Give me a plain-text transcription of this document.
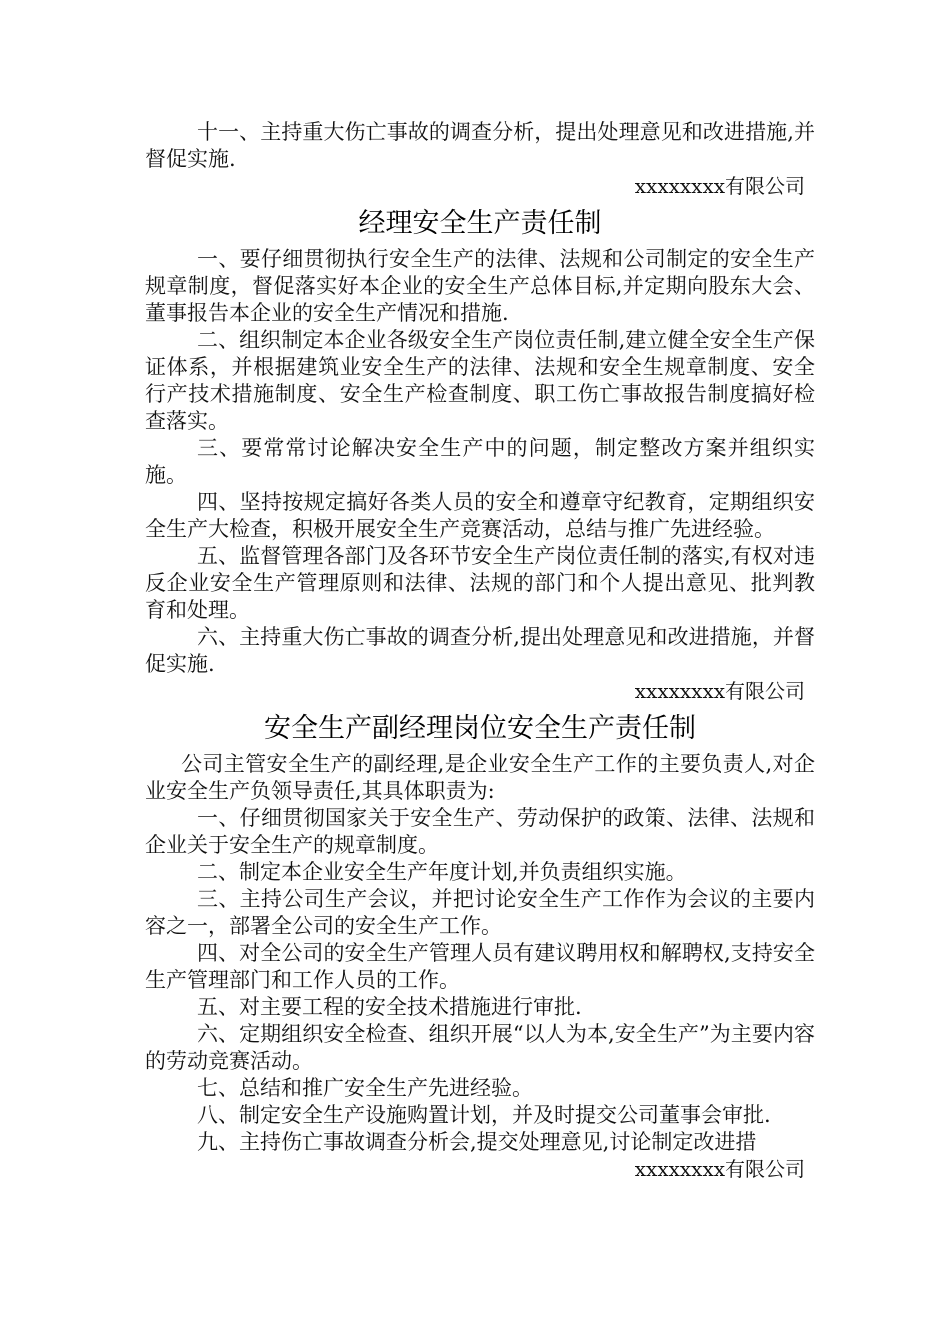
十一、主持重大伤亡事故的调查分析，提出处理意见和改进措施,并督促实施.

xxxxxxxx有限公司

经理安全生产责任制

一、要仔细贯彻执行安全生产的法律、法规和公司制定的安全生产规章制度，督促落实好本企业的安全生产总体目标,并定期向股东大会、董事报告本企业的安全生产情况和措施.

二、组织制定本企业各级安全生产岗位责任制,建立健全安全生产保证体系，并根据建筑业安全生产的法律、法规和安全生规章制度、安全行产技术措施制度、安全生产检查制度、职工伤亡事故报告制度搞好检查落实。

三、要常常讨论解决安全生产中的问题，制定整改方案并组织实施。

四、坚持按规定搞好各类人员的安全和遵章守纪教育，定期组织安全生产大检查，积极开展安全生产竞赛活动，总结与推广先进经验。

五、监督管理各部门及各环节安全生产岗位责任制的落实,有权对违反企业安全生产管理原则和法律、法规的部门和个人提出意见、批判教育和处理。

六、主持重大伤亡事故的调查分析,提出处理意见和改进措施，并督促实施.

xxxxxxxx有限公司

安全生产副经理岗位安全生产责任制

公司主管安全生产的副经理,是企业安全生产工作的主要负责人,对企业安全生产负领导责任,其具体职责为:

一、仔细贯彻国家关于安全生产、劳动保护的政策、法律、法规和企业关于安全生产的规章制度。

二、制定本企业安全生产年度计划,并负责组织实施。

三、主持公司生产会议，并把讨论安全生产工作作为会议的主要内容之一，部署全公司的安全生产工作。

四、对全公司的安全生产管理人员有建议聘用权和解聘权,支持安全生产管理部门和工作人员的工作。

五、对主要工程的安全技术措施进行审批.

六、定期组织安全检查、组织开展“以人为本,安全生产”为主要内容的劳动竞赛活动。

七、总结和推广安全生产先进经验。

八、制定安全生产设施购置计划，并及时提交公司董事会审批.

九、主持伤亡事故调查分析会,提交处理意见,讨论制定改进措

xxxxxxxx有限公司
